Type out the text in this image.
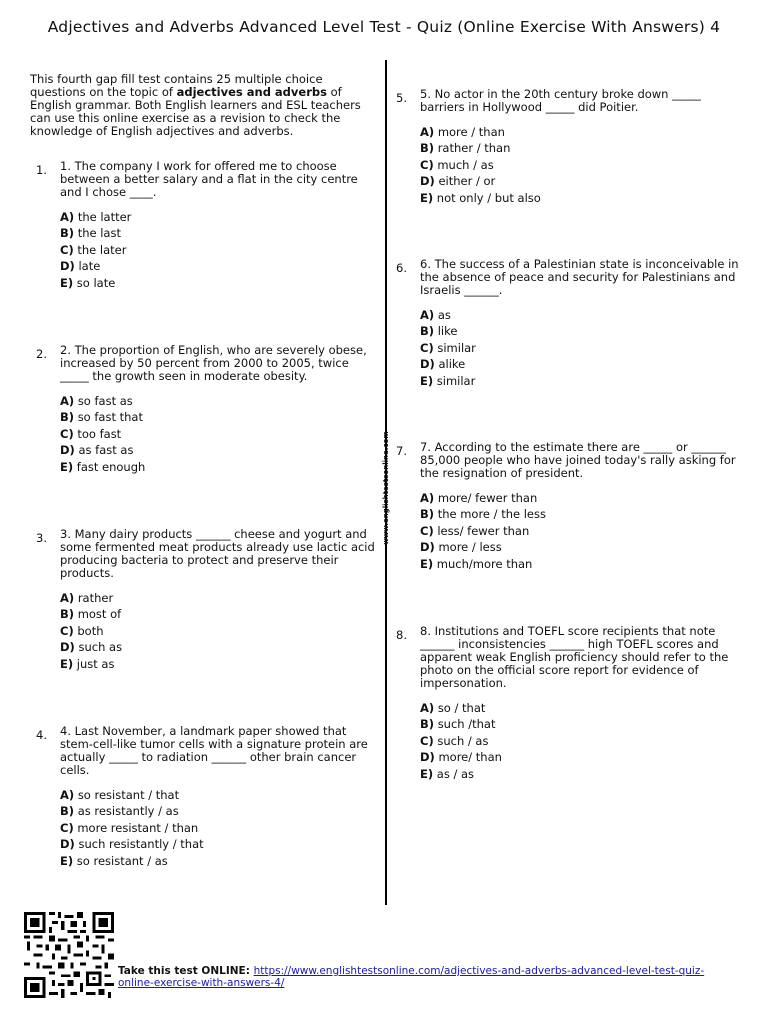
Adjectives and Adverbs Advanced Level Test - Quiz (Online Exercise With Answers) 4
www.englishtestsonline.com
This fourth gap fill test contains 25 multiple choice questions on the topic of adjectives and adverbs of English grammar. Both English learners and ESL teachers can use this online exercise as a revision to check the knowledge of English adjectives and adverbs.
1. 1. The company I work for offered me to choose between a better salary and a flat in the city centre and I chose ____.
A) the latter
B) the last
C) the later
D) late
E) so late
2. 2. The proportion of English, who are severely obese, increased by 50 percent from 2000 to 2005, twice _____ the growth seen in moderate obesity.
A) so fast as
B) so fast that
C) too fast
D) as fast as
E) fast enough
3. 3. Many dairy products ______ cheese and yogurt and some fermented meat products already use lactic acid producing bacteria to protect and preserve their products.
A) rather
B) most of
C) both
D) such as
E) just as
4. 4. Last November, a landmark paper showed that stem-cell-like tumor cells with a signature protein are actually _____ to radiation ______ other brain cancer cells.
A) so resistant / that
B) as resistantly / as
C) more resistant / than
D) such resistantly / that
E) so resistant / as
5. 5. No actor in the 20th century broke down _____ barriers in Hollywood _____ did Poitier.
A) more / than
B) rather / than
C) much / as
D) either / or
E) not only / but also
6. 6. The success of a Palestinian state is inconceivable in the absence of peace and security for Palestinians and Israelis ______.
A) as
B) like
C) similar
D) alike
E) similar
7. 7. According to the estimate there are _____ or ______ 85,000 people who have joined today's rally asking for the resignation of president.
A) more/ fewer than
B) the more / the less
C) less/ fewer than
D) more / less
E) much/more than
8. 8. Institutions and TOEFL score recipients that note ______ inconsistencies ______ high TOEFL scores and apparent weak English proficiency should refer to the photo on the official score report for evidence of impersonation.
A) so / that
B) such /that
C) such / as
D) more/ than
E) as / as
Take this test ONLINE: https://www.englishtestsonline.com/adjectives-and-adverbs-advanced-level-test-quiz-online-exercise-with-answers-4/
